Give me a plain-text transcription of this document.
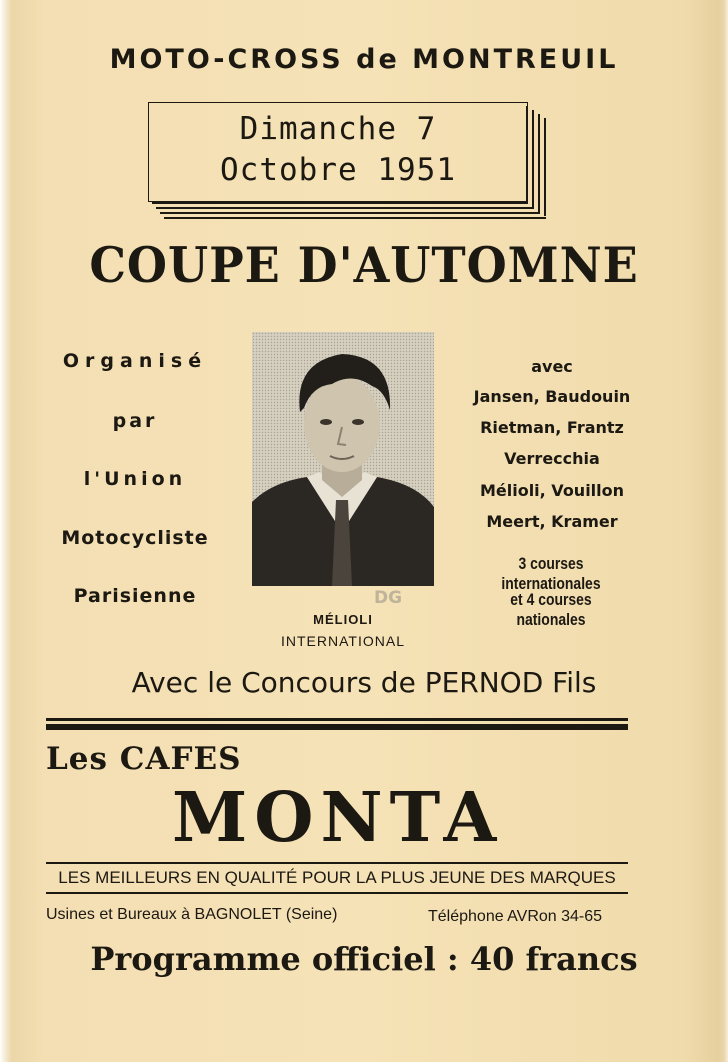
MOTO-CROSS de MONTREUIL
Dimanche 7
Octobre 1951
COUPE D'AUTOMNE
Organisé
par
l'Union
Motocycliste
Parisienne	DG
MÉLIOLI
INTERNATIONAL
avec
Jansen, Baudouin
Rietman, Frantz
Verrecchia
Mélioli, Vouillon
Meert, Kramer
3 courses internationales
et 4 courses nationales
Avec le Concours de PERNOD Fils
Les CAFES
MONTA
LES MEILLEURS EN QUALITÉ POUR LA PLUS JEUNE DES MARQUES
Usines et Bureaux à BAGNOLET (Seine)	Téléphone AVRon 34-65
Programme officiel : 40 francs
